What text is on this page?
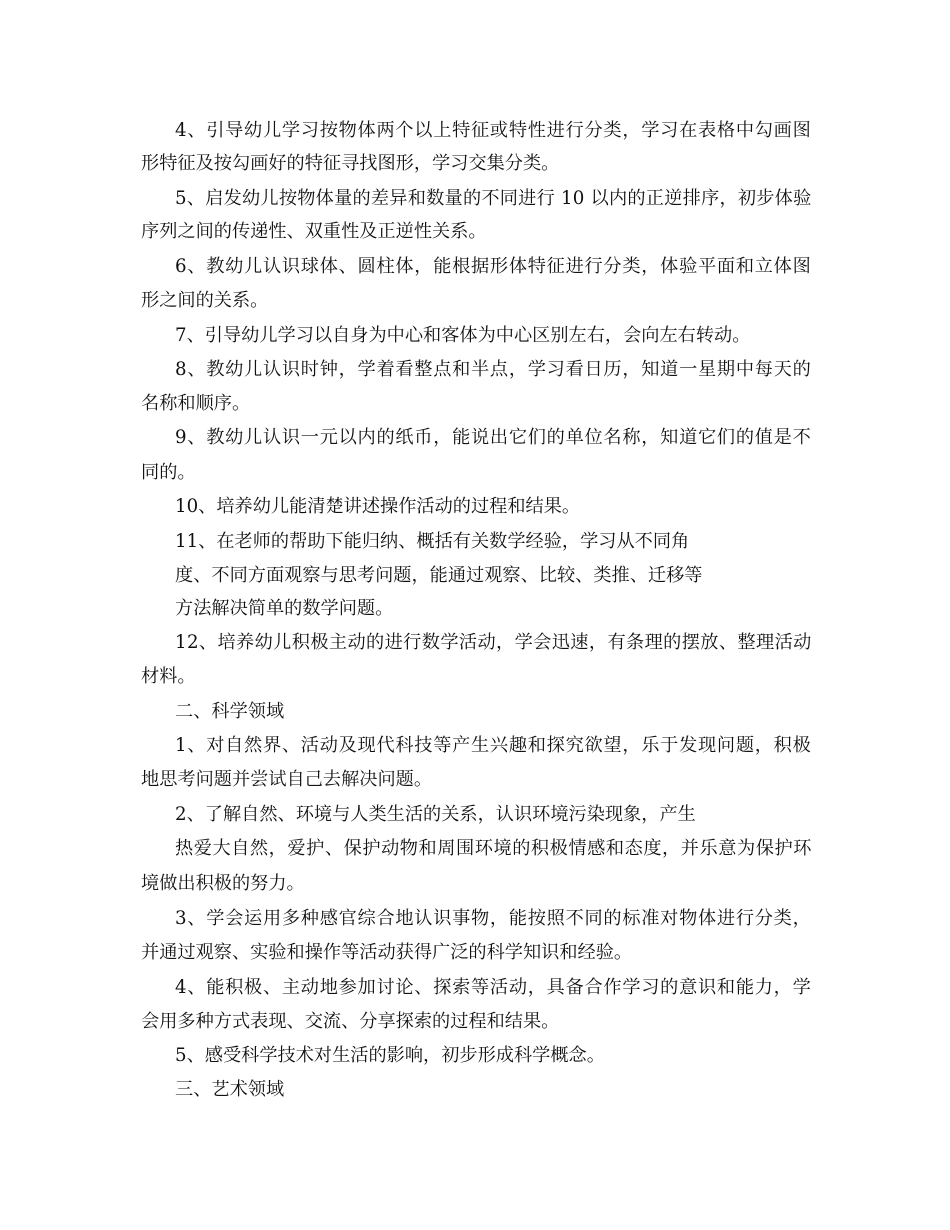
4、引导幼儿学习按物体两个以上特征或特性进行分类，学习在表格中勾画图
形特征及按勾画好的特征寻找图形，学习交集分类。
5、启发幼儿按物体量的差异和数量的不同进行 10 以内的正逆排序，初步体验
序列之间的传递性、双重性及正逆性关系。
6、教幼儿认识球体、圆柱体，能根据形体特征进行分类，体验平面和立体图
形之间的关系。
7、引导幼儿学习以自身为中心和客体为中心区别左右，会向左右转动。
8、教幼儿认识时钟，学着看整点和半点，学习看日历，知道一星期中每天的
名称和顺序。
9、教幼儿认识一元以内的纸币，能说出它们的单位名称，知道它们的值是不
同的。
10、培养幼儿能清楚讲述操作活动的过程和结果。
11、在老师的帮助下能归纳、概括有关数学经验，学习从不同角
度、不同方面观察与思考问题，能通过观察、比较、类推、迁移等
方法解决简单的数学问题。
12、培养幼儿积极主动的进行数学活动，学会迅速，有条理的摆放、整理活动
材料。
二、科学领域
1、对自然界、活动及现代科技等产生兴趣和探究欲望，乐于发现问题，积极
地思考问题并尝试自己去解决问题。
2、了解自然、环境与人类生活的关系，认识环境污染现象，产生
热爱大自然，爱护、保护动物和周围环境的积极情感和态度，并乐意为保护环
境做出积极的努力。
3、学会运用多种感官综合地认识事物，能按照不同的标准对物体进行分类，
并通过观察、实验和操作等活动获得广泛的科学知识和经验。
4、能积极、主动地参加讨论、探索等活动，具备合作学习的意识和能力，学
会用多种方式表现、交流、分享探索的过程和结果。
5、感受科学技术对生活的影响，初步形成科学概念。
三、艺术领域
